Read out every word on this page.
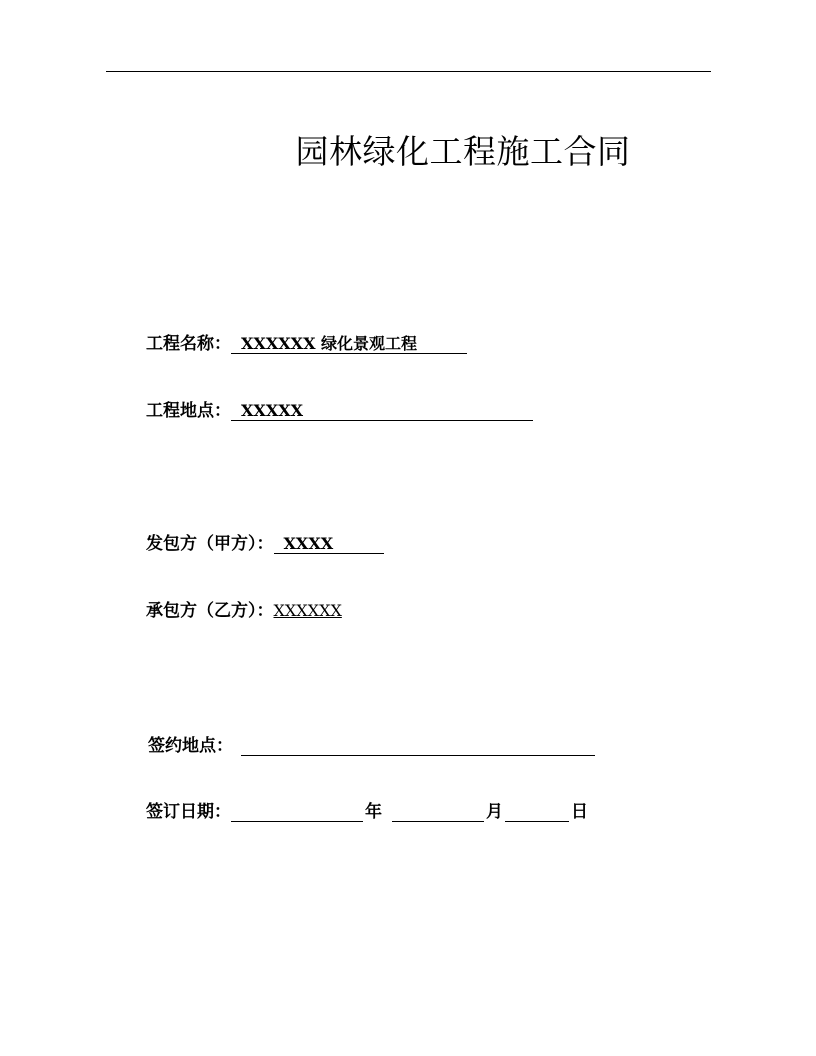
园林绿化工程施工合同
工程名称： XXXXXX 绿化景观工程
工程地点： XXXXX
发包方（甲方）： XXXX
承包方（乙方）： XXXXXX
签约地点：
签订日期：	年	月	日
